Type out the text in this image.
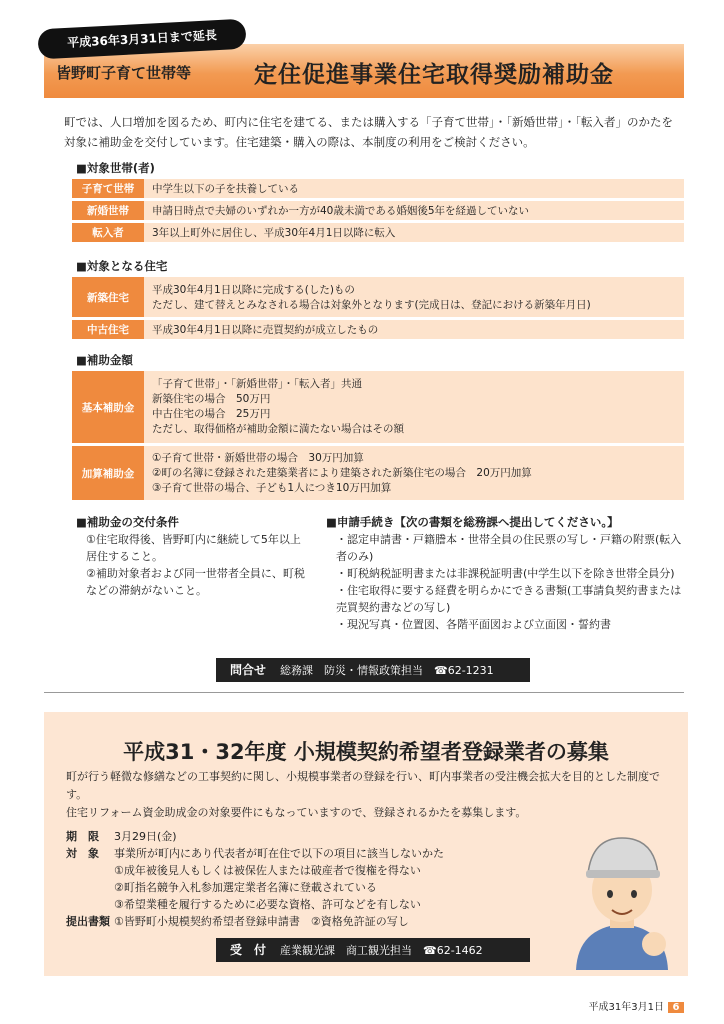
平成36年3月31日まで延長
皆野町子育て世帯等	定住促進事業住宅取得奨励補助金
町では、人口増加を図るため、町内に住宅を建てる、または購入する「子育て世帯」・「新婚世帯」・「転入者」のかたを対象に補助金を交付しています。住宅建築・購入の際は、本制度の利用をご検討ください。
■対象世帯(者)
子育て世帯	中学生以下の子を扶養している
新婚世帯	申請日時点で夫婦のいずれか一方が40歳未満である婚姻後5年を経過していない
転入者	3年以上町外に居住し、平成30年4月1日以降に転入
■対象となる住宅
新築住宅	平成30年4月1日以降に完成する(した)もの
ただし、建て替えとみなされる場合は対象外となります(完成日は、登記における新築年月日)

中古住宅	平成30年4月1日以降に売買契約が成立したもの
■補助金額
基本補助金	「子育て世帯」・「新婚世帯」・「転入者」共通
新築住宅の場合　50万円
中古住宅の場合　25万円
ただし、取得価格が補助金額に満たない場合はその額

加算補助金	①子育て世帯・新婚世帯の場合　30万円加算
②町の名簿に登録された建築業者により建築された新築住宅の場合　20万円加算
③子育て世帯の場合、子ども1人につき10万円加算
■補助金の交付条件
①住宅取得後、皆野町内に継続して5年以上居住すること。
②補助対象者および同一世帯者全員に、町税などの滞納がないこと。
■申請手続き【次の書類を総務課へ提出してください。】
・認定申請書・戸籍謄本・世帯全員の住民票の写し・戸籍の附票(転入者のみ)
・町税納税証明書または非課税証明書(中学生以下を除き世帯全員分)
・住宅取得に要する経費を明らかにできる書類(工事請負契約書または売買契約書などの写し)
・現況写真・位置図、各階平面図および立面図・誓約書
問合せ 総務課　防災・情報政策担当　☎62-1231
平成31・32年度 小規模契約希望者登録業者の募集
町が行う軽微な修繕などの工事契約に関し、小規模事業者の登録を行い、町内事業者の受注機会拡大を目的とした制度です。
住宅リフォーム資金助成金の対象要件にもなっていますので、登録されるかたを募集します。
期　限 3月29日(金)
対　象 事業所が町内にあり代表者が町在住で以下の項目に該当しないかた
①成年被後見人もしくは被保佐人または破産者で復権を得ない
②町指名競争入札参加選定業者名簿に登載されている
③希望業種を履行するために必要な資格、許可などを有しない
提出書類 ①皆野町小規模契約希望者登録申請書　②資格免許証の写し
受　付 産業観光課　商工観光担当　☎62-1462
平成31年3月1日 6
